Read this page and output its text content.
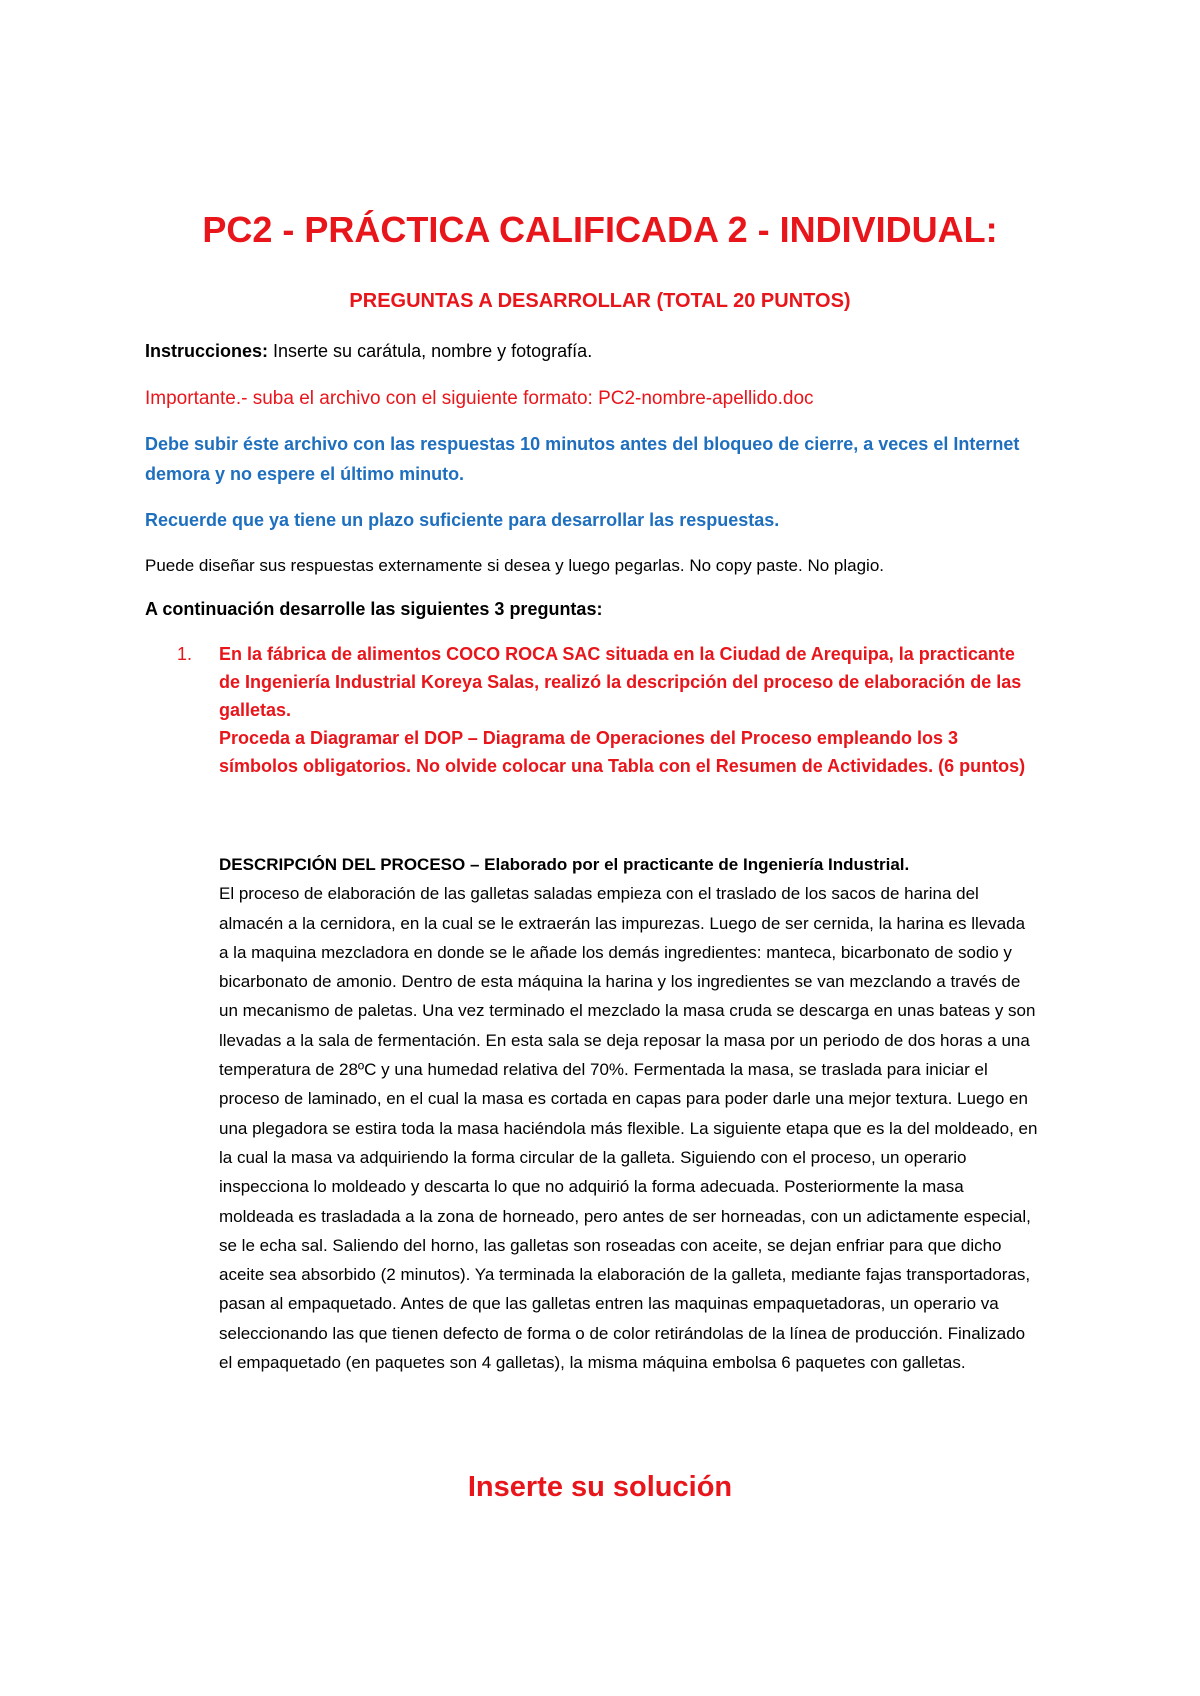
PC2 - PRÁCTICA CALIFICADA 2 - INDIVIDUAL:
PREGUNTAS A DESARROLLAR (TOTAL 20 PUNTOS)

Instrucciones: Inserte su carátula, nombre y fotografía.

Importante.- suba el archivo con el siguiente formato: PC2-nombre-apellido.doc

Debe subir éste archivo con las respuestas 10 minutos antes del bloqueo de cierre, a veces el Internet demora y no espere el último minuto.

Recuerde que ya tiene un plazo suficiente para desarrollar las respuestas.

Puede diseñar sus respuestas externamente si desea y luego pegarlas. No copy paste. No plagio.

A continuación desarrolle las siguientes 3 preguntas:

1. En la fábrica de alimentos COCO ROCA SAC situada en la Ciudad de Arequipa, la practicante de Ingeniería Industrial Koreya Salas, realizó la descripción del proceso de elaboración de las galletas.

Proceda a Diagramar el DOP – Diagrama de Operaciones del Proceso empleando los 3 símbolos obligatorios. No olvide colocar una Tabla con el Resumen de Actividades. (6 puntos)

DESCRIPCIÓN DEL PROCESO – Elaborado por el practicante de Ingeniería Industrial.

El proceso de elaboración de las galletas saladas empieza con el traslado de los sacos de harina del almacén a la cernidora, en la cual se le extraerán las impurezas. Luego de ser cernida, la harina es llevada a la maquina mezcladora en donde se le añade los demás ingredientes: manteca, bicarbonato de sodio y bicarbonato de amonio. Dentro de esta máquina la harina y los ingredientes se van mezclando a través de un mecanismo de paletas. Una vez terminado el mezclado la masa cruda se descarga en unas bateas y son llevadas a la sala de fermentación. En esta sala se deja reposar la masa por un periodo de dos horas a una temperatura de 28ºC y una humedad relativa del 70%. Fermentada la masa, se traslada para iniciar el proceso de laminado, en el cual la masa es cortada en capas para poder darle una mejor textura. Luego en una plegadora se estira toda la masa haciéndola más flexible. La siguiente etapa que es la del moldeado, en la cual la masa va adquiriendo la forma circular de la galleta. Siguiendo con el proceso, un operario inspecciona lo moldeado y descarta lo que no adquirió la forma adecuada. Posteriormente la masa moldeada es trasladada a la zona de horneado, pero antes de ser horneadas, con un adictamente especial, se le echa sal. Saliendo del horno, las galletas son roseadas con aceite, se dejan enfriar para que dicho aceite sea absorbido (2 minutos). Ya terminada la elaboración de la galleta, mediante fajas transportadoras, pasan al empaquetado. Antes de que las galletas entren las maquinas empaquetadoras, un operario va seleccionando las que tienen defecto de forma o de color retirándolas de la línea de producción. Finalizado el empaquetado (en paquetes son 4 galletas), la misma máquina embolsa 6 paquetes con galletas.

Inserte su solución
